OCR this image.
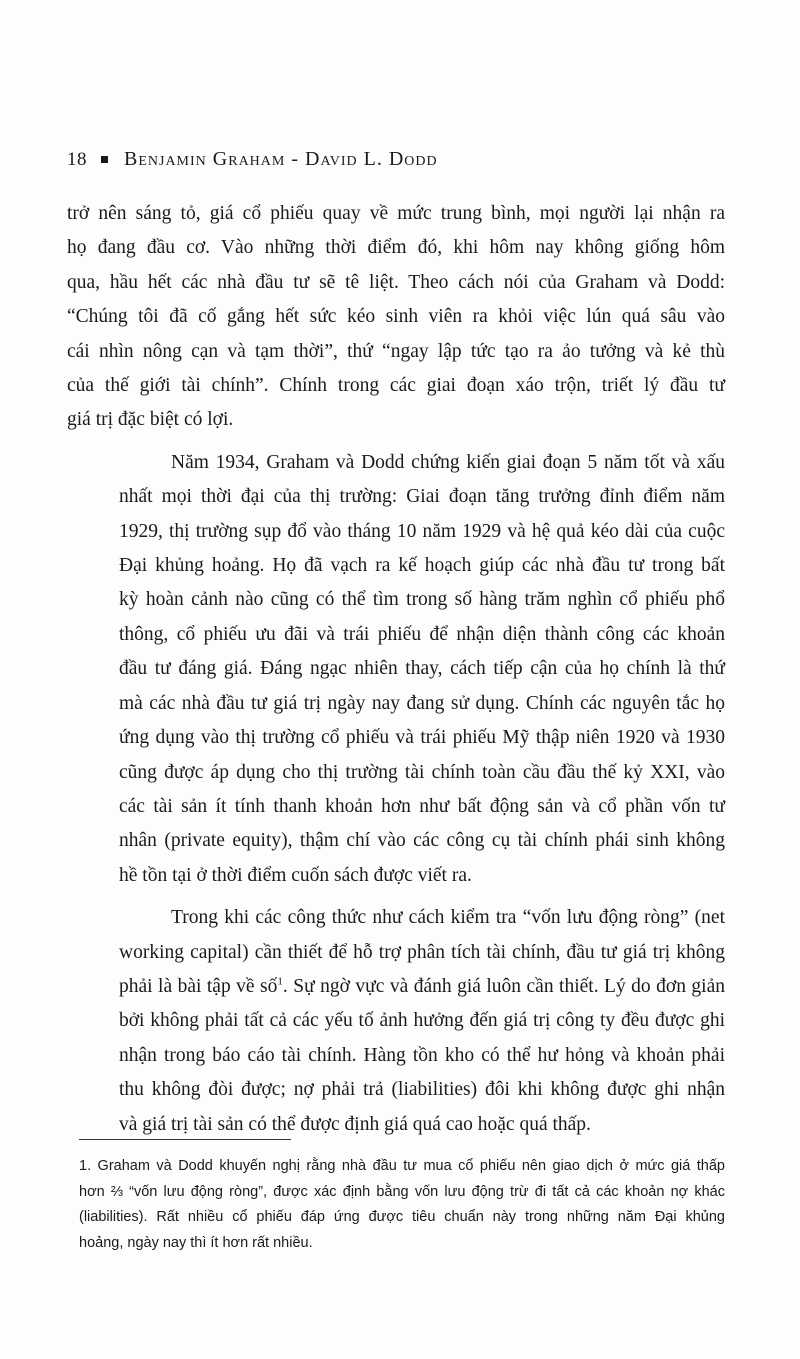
18 Benjamin Graham - David L. Dodd

trở nên sáng tỏ, giá cổ phiếu quay về mức trung bình, mọi người lại nhận ra
họ đang đầu cơ. Vào những thời điểm đó, khi hôm nay không giống hôm
qua, hầu hết các nhà đầu tư sẽ tê liệt. Theo cách nói của Graham và Dodd:
“Chúng tôi đã cố gắng hết sức kéo sinh viên ra khỏi việc lún quá sâu vào
cái nhìn nông cạn và tạm thời”, thứ “ngay lập tức tạo ra ảo tưởng và kẻ thù
của thế giới tài chính”. Chính trong các giai đoạn xáo trộn, triết lý đầu tư
giá trị đặc biệt có lợi.

Năm 1934, Graham và Dodd chứng kiến giai đoạn 5 năm tốt và xấu
nhất mọi thời đại của thị trường: Giai đoạn tăng trưởng đỉnh điểm năm
1929, thị trường sụp đổ vào tháng 10 năm 1929 và hệ quả kéo dài của cuộc
Đại khủng hoảng. Họ đã vạch ra kế hoạch giúp các nhà đầu tư trong bất
kỳ hoàn cảnh nào cũng có thể tìm trong số hàng trăm nghìn cổ phiếu phổ
thông, cổ phiếu ưu đãi và trái phiếu để nhận diện thành công các khoản
đầu tư đáng giá. Đáng ngạc nhiên thay, cách tiếp cận của họ chính là thứ
mà các nhà đầu tư giá trị ngày nay đang sử dụng. Chính các nguyên tắc họ
ứng dụng vào thị trường cổ phiếu và trái phiếu Mỹ thập niên 1920 và 1930
cũng được áp dụng cho thị trường tài chính toàn cầu đầu thế kỷ XXI, vào
các tài sản ít tính thanh khoản hơn như bất động sản và cổ phần vốn tư
nhân (private equity), thậm chí vào các công cụ tài chính phái sinh không
hề tồn tại ở thời điểm cuốn sách được viết ra.

Trong khi các công thức như cách kiểm tra “vốn lưu động ròng” (net
working capital) cần thiết để hỗ trợ phân tích tài chính, đầu tư giá trị không
phải là bài tập về số$^1$. Sự ngờ vực và đánh giá luôn cần thiết. Lý do đơn giản
bởi không phải tất cả các yếu tố ảnh hưởng đến giá trị công ty đều được ghi
nhận trong báo cáo tài chính. Hàng tồn kho có thể hư hỏng và khoản phải
thu không đòi được; nợ phải trả (liabilities) đôi khi không được ghi nhận
và giá trị tài sản có thể được định giá quá cao hoặc quá thấp.

1. Graham và Dodd khuyến nghị rằng nhà đầu tư mua cổ phiếu nên giao dịch ở mức giá thấp
hơn ⅔ “vốn lưu động ròng”, được xác định bằng vốn lưu động trừ đi tất cả các khoản nợ khác
(liabilities). Rất nhiều cổ phiếu đáp ứng được tiêu chuẩn này trong những năm Đại khủng
hoảng, ngày nay thì ít hơn rất nhiều.
